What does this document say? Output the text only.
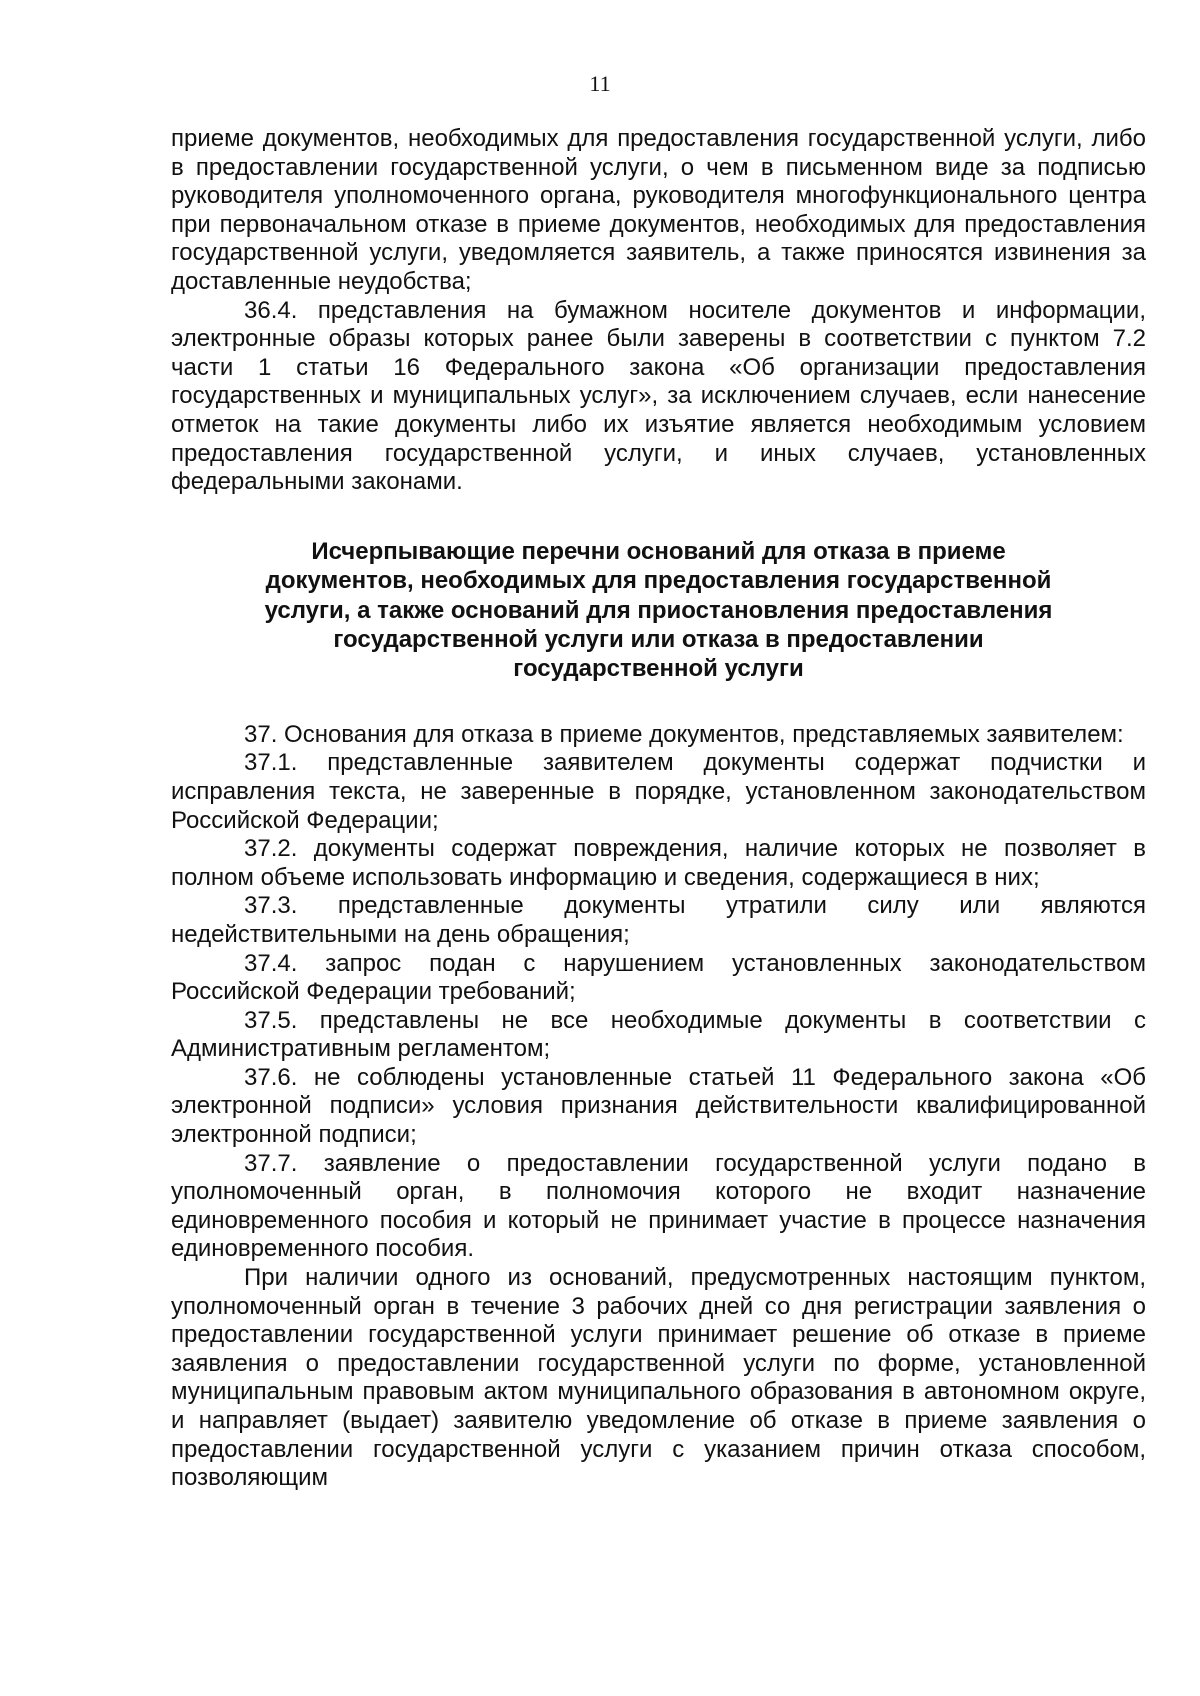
11

приеме документов, необходимых для предоставления государственной услуги, либо в предоставлении государственной услуги, о чем в письменном виде за подписью руководителя уполномоченного органа, руководителя многофункционального центра при первоначальном отказе в приеме документов, необходимых для предоставления государственной услуги, уведомляется заявитель, а также приносятся извинения за доставленные неудобства;

36.4. представления на бумажном носителе документов и информации, электронные образы которых ранее были заверены в соответствии с пунктом 7.2 части 1 статьи 16 Федерального закона «Об организации предоставления государственных и муниципальных услуг», за исключением случаев, если нанесение отметок на такие документы либо их изъятие является необходимым условием предоставления государственной услуги, и иных случаев, установленных федеральными законами.

Исчерпывающие перечни оснований для отказа в приеме
документов, необходимых для предоставления государственной
услуги, а также оснований для приостановления предоставления
государственной услуги или отказа в предоставлении
государственной услуги

37. Основания для отказа в приеме документов, представляемых заявителем:

37.1. представленные заявителем документы содержат подчистки и исправления текста, не заверенные в порядке, установленном законодательством Российской Федерации;

37.2. документы содержат повреждения, наличие которых не позволяет в полном объеме использовать информацию и сведения, содержащиеся в них;

37.3. представленные документы утратили силу или являются недействительными на день обращения;

37.4. запрос подан с нарушением установленных законодательством Российской Федерации требований;

37.5. представлены не все необходимые документы в соответствии с Административным регламентом;

37.6. не соблюдены установленные статьей 11 Федерального закона «Об электронной подписи» условия признания действительности квалифицированной электронной подписи;

37.7. заявление о предоставлении государственной услуги подано в уполномоченный орган, в полномочия которого не входит назначение единовременного пособия и который не принимает участие в процессе назначения единовременного пособия.

При наличии одного из оснований, предусмотренных настоящим пунктом, уполномоченный орган в течение 3 рабочих дней со дня регистрации заявления о предоставлении государственной услуги принимает решение об отказе в приеме заявления о предоставлении государственной услуги по форме, установленной муниципальным правовым актом муниципального образования в автономном округе, и направляет (выдает) заявителю уведомление об отказе в приеме заявления о предоставлении государственной услуги с указанием причин отказа способом, позволяющим
